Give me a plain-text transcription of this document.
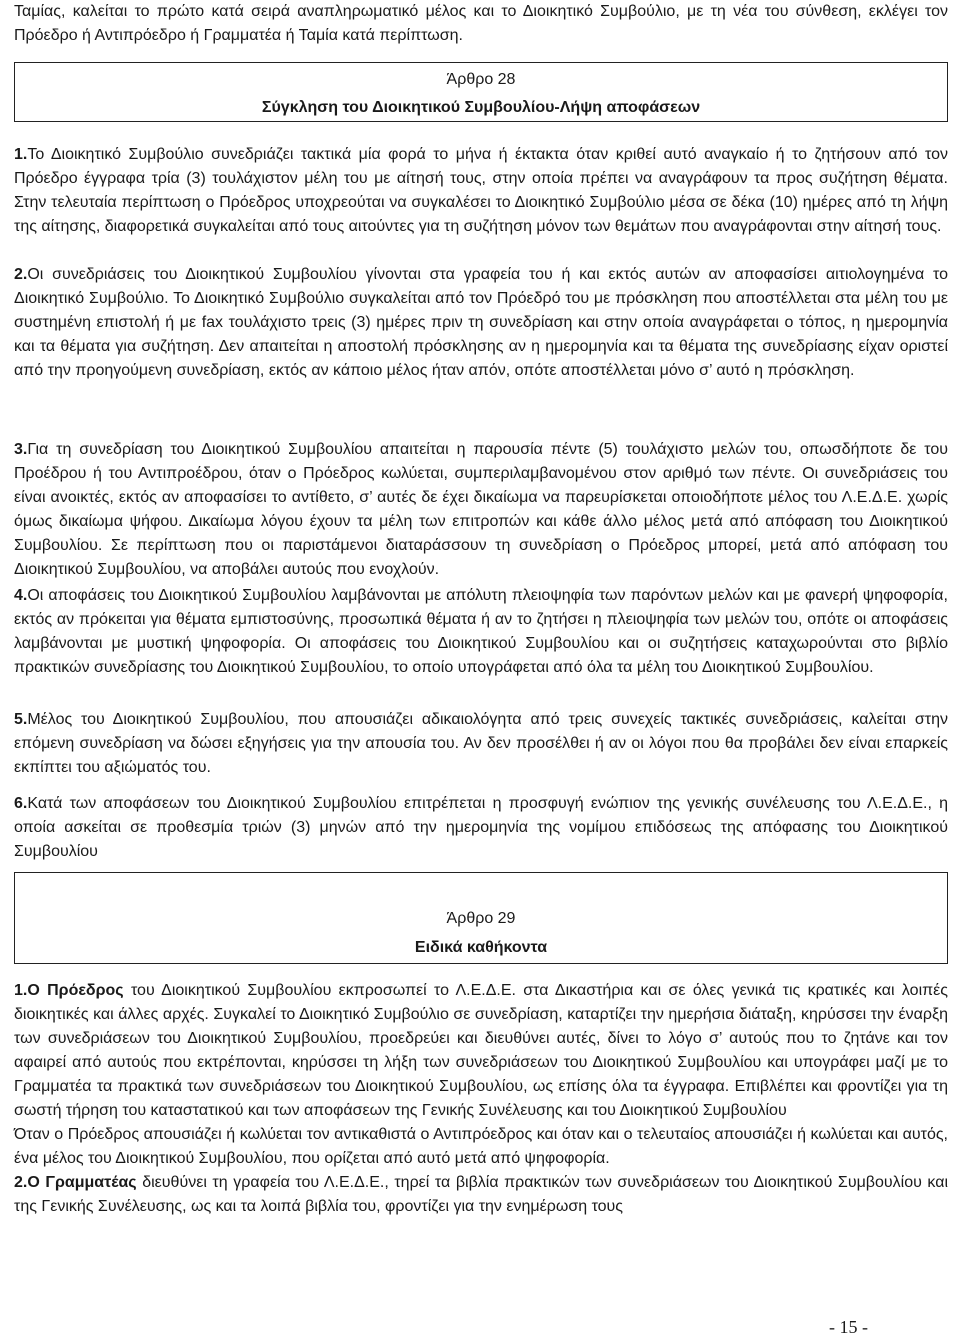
Ταμίας, καλείται το πρώτο κατά σειρά αναπληρωματικό μέλος και το Διοικητικό Συμβούλιο, με τη νέα του σύνθεση, εκλέγει τον Πρόεδρο ή Αντιπρόεδρο ή Γραμματέα ή Ταμία κατά περίπτωση.

Άρθρο 28
Σύγκληση του Διοικητικού Συμβουλίου-Λήψη αποφάσεων

1.Το Διοικητικό Συμβούλιο συνεδριάζει τακτικά μία φορά το μήνα ή έκτακτα όταν κριθεί αυτό αναγκαίο ή το ζητήσουν από τον Πρόεδρο έγγραφα τρία (3) τουλάχιστον μέλη του με αίτησή τους, στην οποία πρέπει να αναγράφουν τα προς συζήτηση θέματα. Στην τελευταία περίπτωση ο Πρόεδρος υποχρεούται να συγκαλέσει το Διοικητικό Συμβούλιο μέσα σε δέκα (10) ημέρες από τη λήψη της αίτησης, διαφορετικά συγκαλείται από τους αιτούντες για τη συζήτηση μόνον των θεμάτων που αναγράφονται στην αίτησή τους.

2.Οι συνεδριάσεις του Διοικητικού Συμβουλίου γίνονται στα γραφεία του ή και εκτός αυτών αν αποφασίσει αιτιολογημένα το Διοικητικό Συμβούλιο. Το Διοικητικό Συμβούλιο συγκαλείται από τον Πρόεδρό του με πρόσκληση που αποστέλλεται στα μέλη του με συστημένη επιστολή ή με fax τουλάχιστο τρεις (3) ημέρες πριν τη συνεδρίαση και στην οποία αναγράφεται ο τόπος, η ημερομηνία και τα θέματα για συζήτηση. Δεν απαιτείται η αποστολή πρόσκλησης αν η ημερομηνία και τα θέματα της συνεδρίασης είχαν οριστεί από την προηγούμενη συνεδρίαση, εκτός αν κάποιο μέλος ήταν απόν, οπότε αποστέλλεται μόνο σ’ αυτό η πρόσκληση.

3.Για τη συνεδρίαση του Διοικητικού Συμβουλίου απαιτείται η παρουσία πέντε (5) τουλάχιστο μελών του, οπωσδήποτε δε του Προέδρου ή του Αντιπροέδρου, όταν ο Πρόεδρος κωλύεται, συμπεριλαμβανομένου στον αριθμό των πέντε. Οι συνεδριάσεις του είναι ανοικτές, εκτός αν αποφασίσει το αντίθετο, σ’ αυτές δε έχει δικαίωμα να παρευρίσκεται οποιοδήποτε μέλος του Λ.Ε.Δ.Ε. χωρίς όμως δικαίωμα ψήφου. Δικαίωμα λόγου έχουν τα μέλη των επιτροπών και κάθε άλλο μέλος μετά από απόφαση του Διοικητικού Συμβουλίου. Σε περίπτωση που οι παριστάμενοι διαταράσσουν τη συνεδρίαση ο Πρόεδρος μπορεί, μετά από απόφαση του Διοικητικού Συμβουλίου, να αποβάλει αυτούς που ενοχλούν.

4.Οι αποφάσεις του Διοικητικού Συμβουλίου λαμβάνονται με απόλυτη πλειοψηφία των παρόντων μελών και με φανερή ψηφοφορία, εκτός αν πρόκειται για θέματα εμπιστοσύνης, προσωπικά θέματα ή αν το ζητήσει η πλειοψηφία των μελών του, οπότε οι αποφάσεις λαμβάνονται με μυστική ψηφοφορία. Οι αποφάσεις του Διοικητικού Συμβουλίου και οι συζητήσεις καταχωρούνται στο βιβλίο πρακτικών συνεδρίασης του Διοικητικού Συμβουλίου, το οποίο υπογράφεται από όλα τα μέλη του Διοικητικού Συμβουλίου.

5.Μέλος του Διοικητικού Συμβουλίου, που απουσιάζει αδικαιολόγητα από τρεις συνεχείς τακτικές συνεδριάσεις, καλείται στην επόμενη συνεδρίαση να δώσει εξηγήσεις για την απουσία του. Αν δεν προσέλθει ή αν οι λόγοι που θα προβάλει δεν είναι επαρκείς εκπίπτει του αξιώματός του.

6.Κατά των αποφάσεων του Διοικητικού Συμβουλίου επιτρέπεται η προσφυγή ενώπιον της γενικής συνέλευσης του Λ.Ε.Δ.Ε., η οποία ασκείται σε προθεσμία τριών (3) μηνών από την ημερομηνία της νομίμου επιδόσεως της απόφασης του Διοικητικού Συμβουλίου

Άρθρο 29
Ειδικά καθήκοντα

1.Ο Πρόεδρος του Διοικητικού Συμβουλίου εκπροσωπεί το Λ.Ε.Δ.Ε. στα Δικαστήρια και σε όλες γενικά τις κρατικές και λοιπές διοικητικές και άλλες αρχές. Συγκαλεί το Διοικητικό Συμβούλιο σε συνεδρίαση, καταρτίζει την ημερήσια διάταξη, κηρύσσει την έναρξη των συνεδριάσεων του Διοικητικού Συμβουλίου, προεδρεύει και διευθύνει αυτές, δίνει το λόγο σ’ αυτούς που το ζητάνε και τον αφαιρεί από αυτούς που εκτρέπονται, κηρύσσει τη λήξη των συνεδριάσεων του Διοικητικού Συμβουλίου και υπογράφει μαζί με το Γραμματέα τα πρακτικά των συνεδριάσεων του Διοικητικού Συμβουλίου, ως επίσης όλα τα έγγραφα. Επιβλέπει και φροντίζει για τη σωστή τήρηση του καταστατικού και των αποφάσεων της Γενικής Συνέλευσης και του Διοικητικού Συμβουλίου

Όταν ο Πρόεδρος απουσιάζει ή κωλύεται τον αντικαθιστά ο Αντιπρόεδρος και όταν και ο τελευταίος απουσιάζει ή κωλύεται και αυτός, ένα μέλος του Διοικητικού Συμβουλίου, που ορίζεται από αυτό μετά από ψηφοφορία.

2.Ο Γραμματέας διευθύνει τη γραφεία του Λ.Ε.Δ.Ε., τηρεί τα βιβλία πρακτικών των συνεδριάσεων του Διοικητικού Συμβουλίου και της Γενικής Συνέλευσης, ως και τα λοιπά βιβλία του, φροντίζει για την ενημέρωση τους

- 15 -
